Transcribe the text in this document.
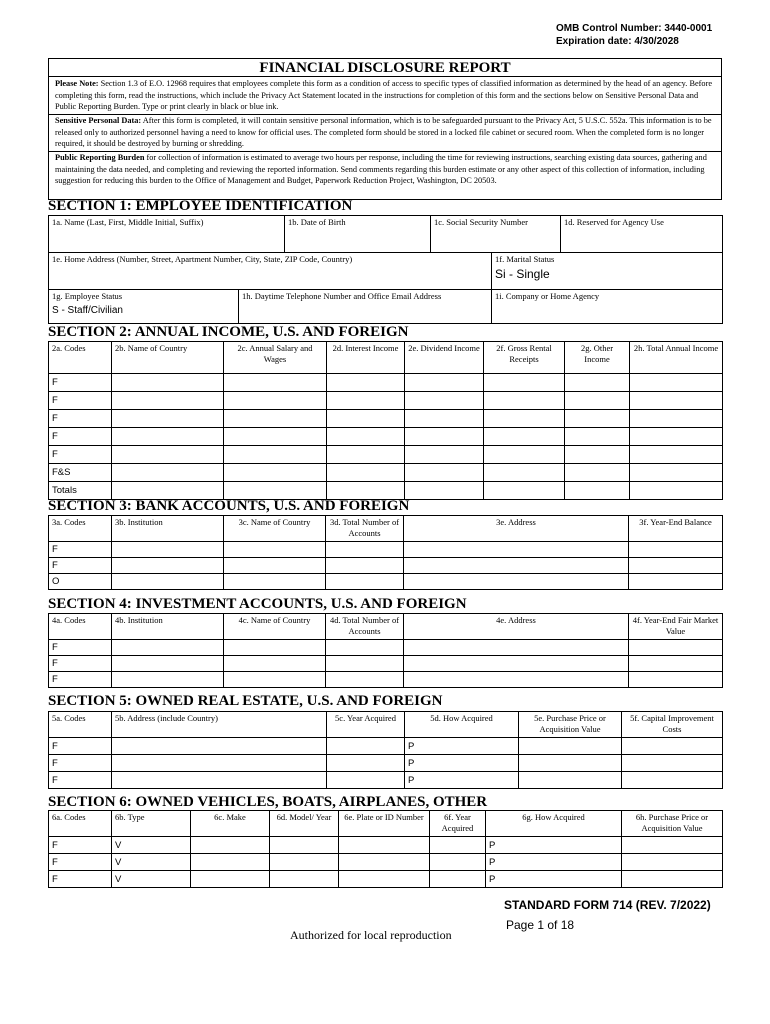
OMB Control Number: 3440-0001
Expiration date: 4/30/2028
FINANCIAL DISCLOSURE REPORT
Please Note: Section 1.3 of E.O. 12968 requires that employees complete this form as a condition of access to specific types of classified information as determined by the head of an agency. Before completing this form, read the instructions, which include the Privacy Act Statement located in the instructions for completion of this form and the sections below on Sensitive Personal Data and Public Reporting Burden. Type or print clearly in black or blue ink.
Sensitive Personal Data: After this form is completed, it will contain sensitive personal information, which is to be safeguarded pursuant to the Privacy Act, 5 U.S.C. 552a. This information is to be released only to authorized personnel having a need to know for official uses. The completed form should be stored in a locked file cabinet or secured room. When the completed form is no longer required, it should be destroyed by burning or shredding.
Public Reporting Burden for collection of information is estimated to average two hours per response, including the time for reviewing instructions, searching existing data sources, gathering and maintaining the data needed, and completing and reviewing the reported information. Send comments regarding this burden estimate or any other aspect of this collection of information, including suggestion for reducing this burden to the Office of Management and Budget, Paperwork Reduction Project, Washington, DC 20503.
SECTION 1: EMPLOYEE IDENTIFICATION
1a. Name (Last, First, Middle Initial, Suffix)	1b. Date of Birth	1c. Social Security Number	1d. Reserved for Agency Use
1e. Home Address (Number, Street, Apartment Number, City, State, ZIP Code, Country)	1f. Marital Status
Si - Single
1g. Employee Status
S - Staff/Civilian
	1h. Daytime Telephone Number and Office Email Address	1i. Company or Home Agency
SECTION 2: ANNUAL INCOME, U.S. AND FOREIGN
2a. Codes	2b. Name of Country	2c. Annual Salary and Wages	2d. Interest Income	2e. Dividend Income	2f. Gross Rental Receipts	2g. Other Income	2h. Total Annual Income
F							
F							
F							
F							
F							
F&S							
Totals							
SECTION 3: BANK ACCOUNTS, U.S. AND FOREIGN
3a. Codes	3b. Institution	3c. Name of Country	3d. Total Number of Accounts	3e. Address	3f. Year-End Balance
F					
F					
O					
SECTION 4: INVESTMENT ACCOUNTS, U.S. AND FOREIGN
4a. Codes	4b. Institution	4c. Name of Country	4d. Total Number of Accounts	4e. Address	4f. Year-End Fair Market Value
F					
F					
F					
SECTION 5: OWNED REAL ESTATE, U.S. AND FOREIGN
5a. Codes	5b. Address (include Country)	5c. Year Acquired	5d. How Acquired	5e. Purchase Price or Acquisition Value	5f. Capital Improvement Costs
F			P		
F			P		
F			P		
SECTION 6: OWNED VEHICLES, BOATS, AIRPLANES, OTHER
6a. Codes	6b. Type	6c. Make	6d. Model/ Year	6e. Plate or ID Number	6f. Year Acquired	6g. How Acquired	6h. Purchase Price or Acquisition Value
F	V					P	
F	V					P	
F	V					P	
STANDARD FORM 714 (REV. 7/2022)
Page 1 of 18
Authorized for local reproduction
